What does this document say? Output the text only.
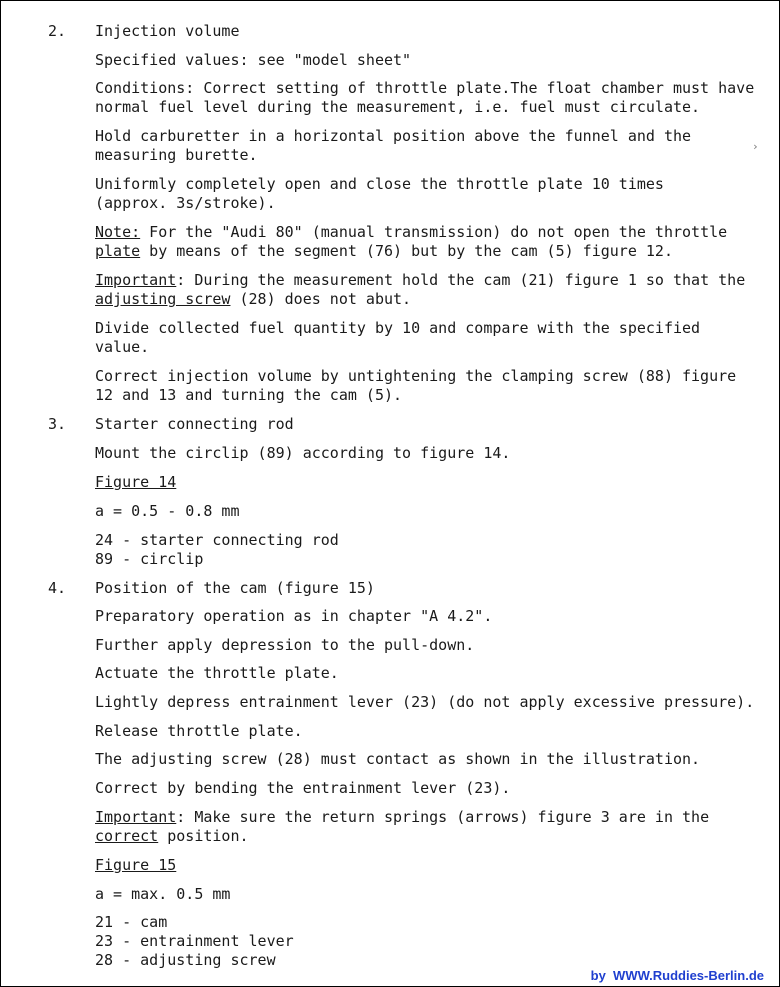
2. Injection volume
Specified values: see "model sheet"
Conditions: Correct setting of throttle plate.The float chamber must have
normal fuel level during the measurement, i.e. fuel must circulate.
Hold carburetter in a horizontal position above the funnel and the
measuring burette.
Uniformly completely open and close the throttle plate 10 times
(approx. 3s/stroke).
Note: For the "Audi 80" (manual transmission) do not open the throttle
plate by means of the segment (76) but by the cam (5) figure 12.
Important: During the measurement hold the cam (21) figure 1 so that the
adjusting screw (28) does not abut.
Divide collected fuel quantity by 10 and compare with the specified
value.
Correct injection volume by untightening the clamping screw (88) figure
12 and 13 and turning the cam (5).
3. Starter connecting rod
Mount the circlip (89) according to figure 14.
Figure 14
a = 0.5 - 0.8 mm
24 - starter connecting rod
89 - circlip
4. Position of the cam (figure 15)
Preparatory operation as in chapter "A 4.2".
Further apply depression to the pull-down.
Actuate the throttle plate.
Lightly depress entrainment lever (23) (do not apply excessive pressure).
Release throttle plate.
The adjusting screw (28) must contact as shown in the illustration.
Correct by bending the entrainment lever (23).
Important: Make sure the return springs (arrows) figure 3 are in the
correct position.
Figure 15
a = max. 0.5 mm
21 - cam
23 - entrainment lever
28 - adjusting screw
›
by  WWW.Ruddies-Berlin.de
